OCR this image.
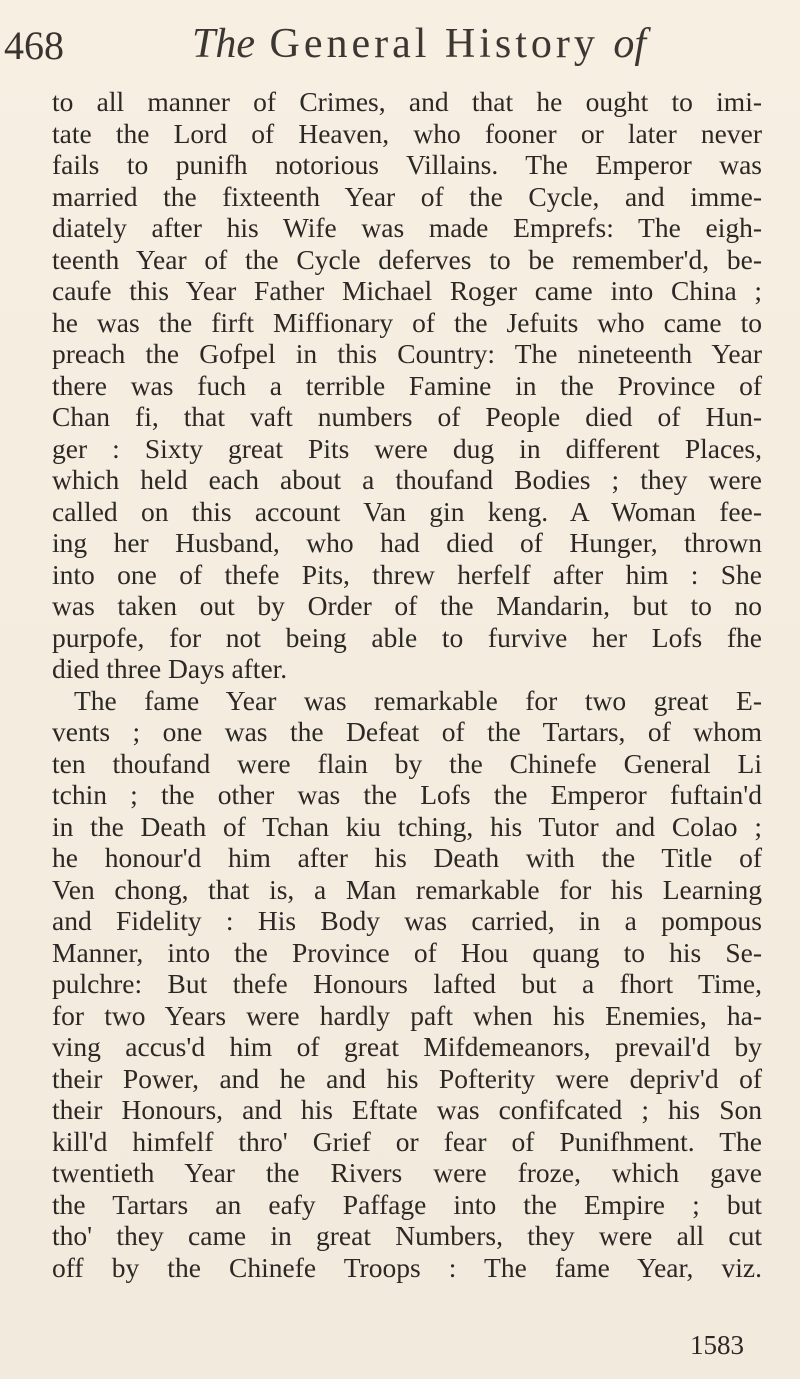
468	The General History of
to all manner of Crimes, and that he ought to imi-
tate the Lord of Heaven, who fooner or later never
fails to punifh notorious Villains. The Emperor was
married the fixteenth Year of the Cycle, and imme-
diately after his Wife was made Emprefs: The eigh-
teenth Year of the Cycle deferves to be remember'd, be-
caufe this Year Father Michael Roger came into China ;
he was the firft Miffionary of the Jefuits who came to
preach the Gofpel in this Country: The nineteenth Year
there was fuch a terrible Famine in the Province of
Chan fi, that vaft numbers of People died of Hun-
ger : Sixty great Pits were dug in different Places,
which held each about a thoufand Bodies ; they were
called on this account Van gin keng. A Woman fee-
ing her Husband, who had died of Hunger, thrown
into one of thefe Pits, threw herfelf after him : She
was taken out by Order of the Mandarin, but to no
purpofe, for not being able to furvive her Lofs fhe
died three Days after.
The fame Year was remarkable for two great E-
vents ; one was the Defeat of the Tartars, of whom
ten thoufand were flain by the Chinefe General Li
tchin ; the other was the Lofs the Emperor fuftain'd
in the Death of Tchan kiu tching, his Tutor and Colao ;
he honour'd him after his Death with the Title of
Ven chong, that is, a Man remarkable for his Learning
and Fidelity : His Body was carried, in a pompous
Manner, into the Province of Hou quang to his Se-
pulchre: But thefe Honours lafted but a fhort Time,
for two Years were hardly paft when his Enemies, ha-
ving accus'd him of great Mifdemeanors, prevail'd by
their Power, and he and his Pofterity were depriv'd of
their Honours, and his Eftate was confifcated ; his Son
kill'd himfelf thro' Grief or fear of Punifhment. The
twentieth Year the Rivers were froze, which gave
the Tartars an eafy Paffage into the Empire ; but
tho' they came in great Numbers, they were all cut
off by the Chinefe Troops : The fame Year, viz.
1583
